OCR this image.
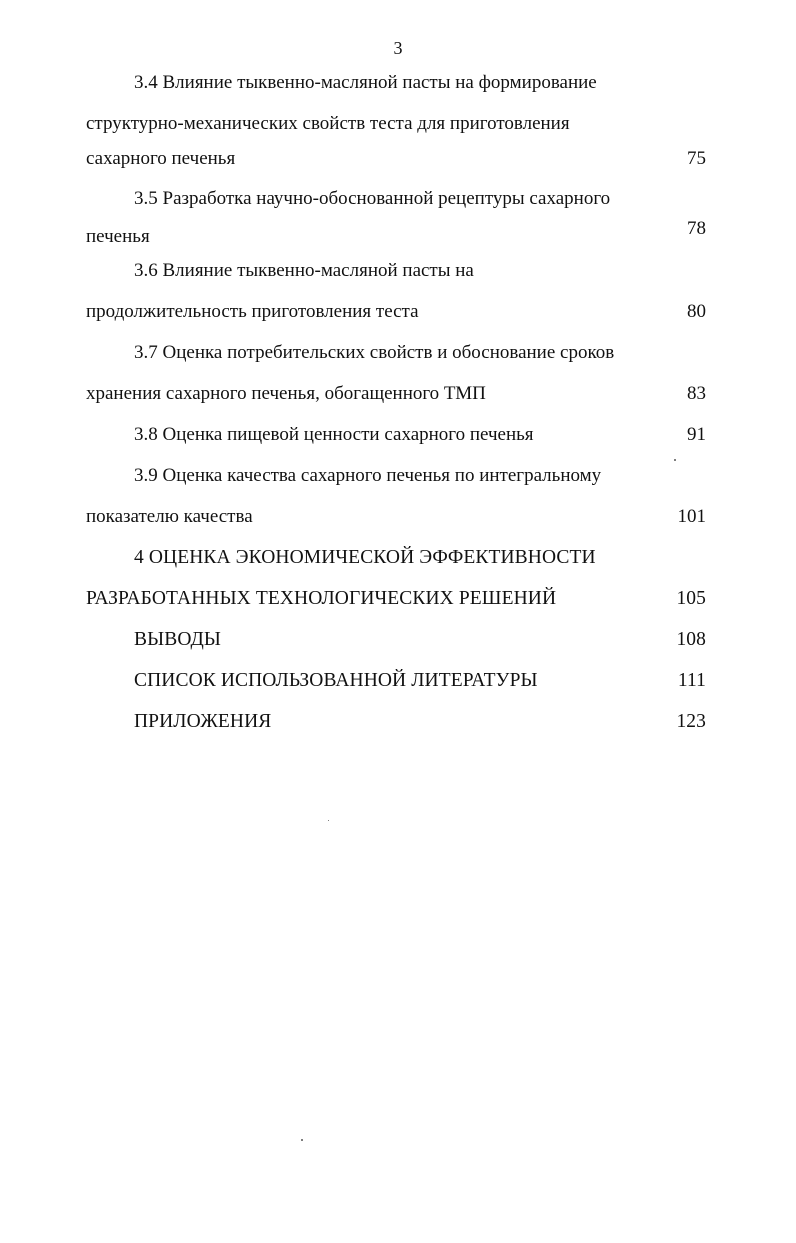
3
3.4 Влияние тыквенно-масляной пасты на формирование
структурно-механических свойств теста для приготовления
сахарного печенья	75
3.5 Разработка научно-обоснованной рецептуры сахарного
печенья	78
3.6 Влияние тыквенно-масляной пасты на
продолжительность приготовления теста	80
3.7 Оценка потребительских свойств и обоснование сроков
хранения сахарного печенья, обогащенного ТМП	83
3.8 Оценка пищевой ценности сахарного печенья	91
3.9 Оценка качества сахарного печенья по интегральному
показателю качества	101
4 ОЦЕНКА ЭКОНОМИЧЕСКОЙ ЭФФЕКТИВНОСТИ
РАЗРАБОТАННЫХ ТЕХНОЛОГИЧЕСКИХ РЕШЕНИЙ	105
ВЫВОДЫ	108
СПИСОК ИСПОЛЬЗОВАННОЙ ЛИТЕРАТУРЫ	111
ПРИЛОЖЕНИЯ	123
